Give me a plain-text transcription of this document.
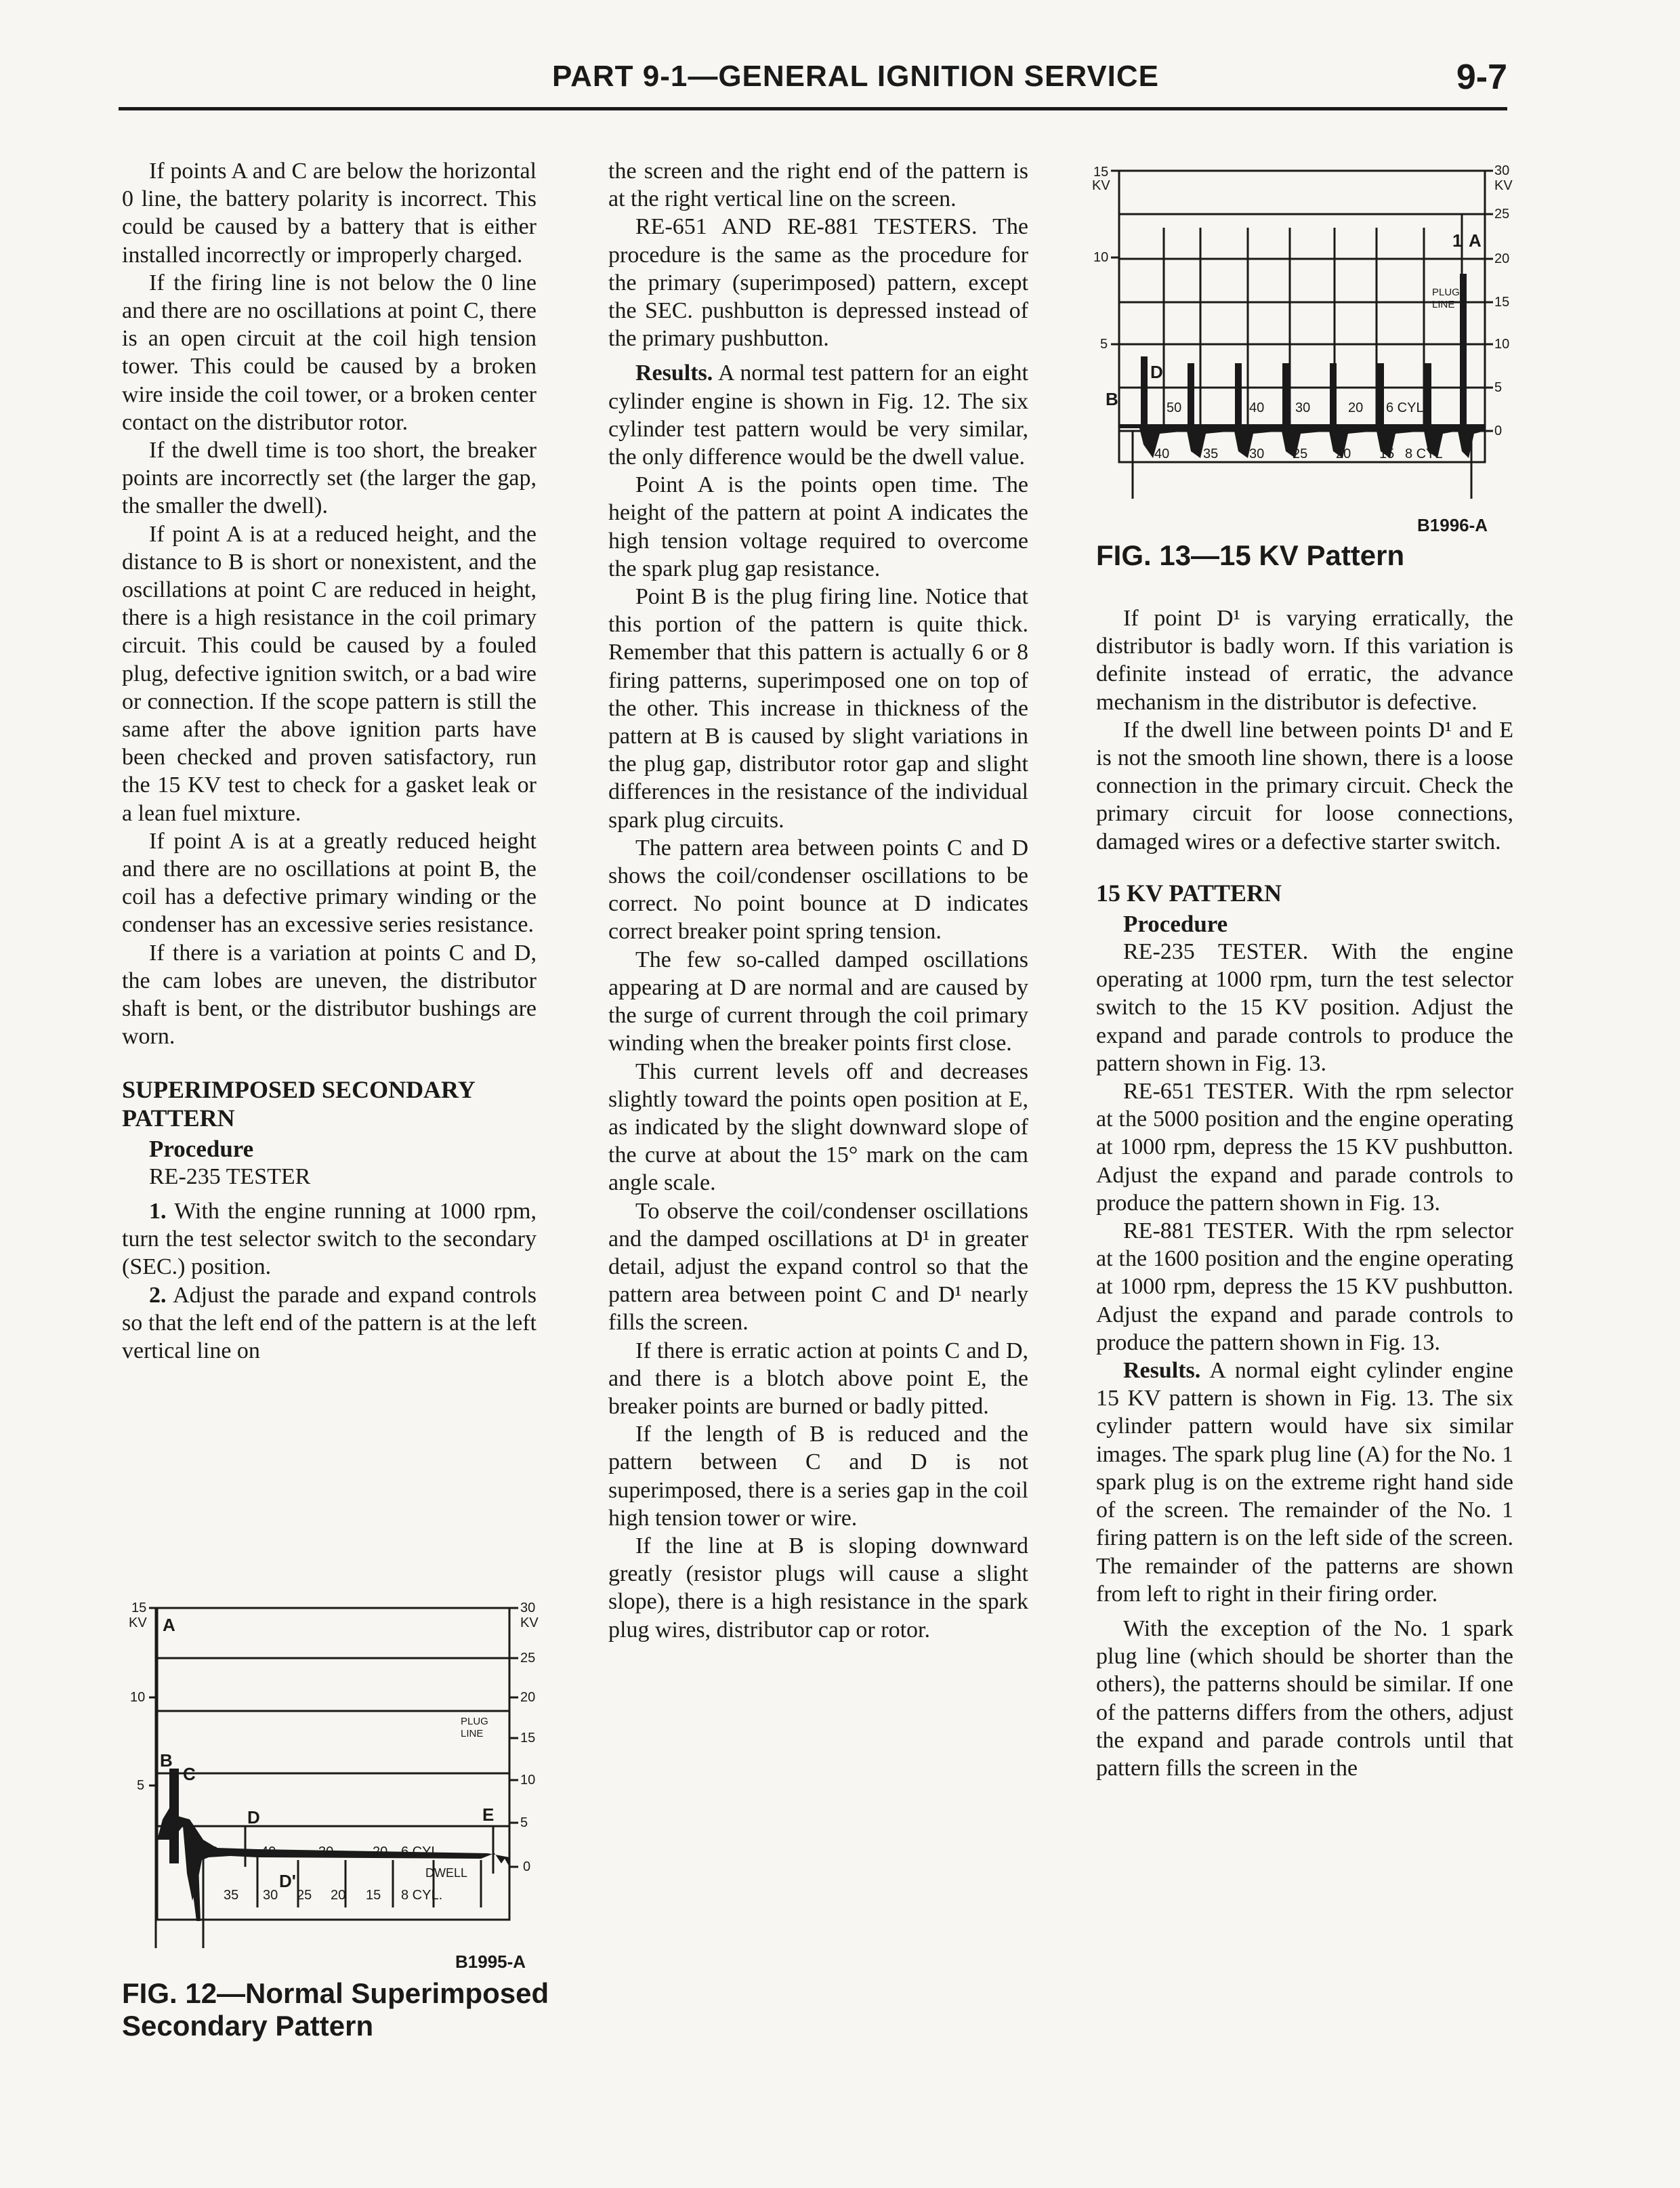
PART 9-1—GENERAL IGNITION SERVICE	9-7

If points A and C are below the horizontal 0 line, the battery polarity is incorrect. This could be caused by a battery that is either installed incorrectly or improperly charged.

If the firing line is not below the 0 line and there are no oscillations at point C, there is an open circuit at the coil high tension tower. This could be caused by a broken wire inside the coil tower, or a broken center contact on the distributor rotor.

If the dwell time is too short, the breaker points are incorrectly set (the larger the gap, the smaller the dwell).

If point A is at a reduced height, and the distance to B is short or nonexistent, and the oscillations at point C are reduced in height, there is a high resistance in the coil primary circuit. This could be caused by a fouled plug, defective ignition switch, or a bad wire or connection. If the scope pattern is still the same after the above ignition parts have been checked and proven satisfactory, run the 15 KV test to check for a gasket leak or a lean fuel mixture.

If point A is at a greatly reduced height and there are no oscillations at point B, the coil has a defective primary winding or the condenser has an excessive series resistance.

If there is a variation at points C and D, the cam lobes are uneven, the distributor shaft is bent, or the distributor bushings are worn.

SUPERIMPOSED SECONDARY PATTERN
Procedure

RE-235 TESTER

1. With the engine running at 1000 rpm, turn the test selector switch to the secondary (SEC.) position.

2. Adjust the parade and expand controls so that the left end of the pattern is at the left vertical line on

15
KV
10
5
30
KV
25
20
15
10
5
0
PLUG
LINE
A
B
C
D	E
D'
50	40	30	20 6 CYL.
35 30 25 20 15 8 CYL.
DWELL
B1995-A
FIG. 12—Normal Superimposed
Secondary Pattern

the screen and the right end of the pattern is at the right vertical line on the screen.

RE-651 AND RE-881 TESTERS. The procedure is the same as the procedure for the primary (superimposed) pattern, except the SEC. pushbutton is depressed instead of the primary pushbutton.

Results. A normal test pattern for an eight cylinder engine is shown in Fig. 12. The six cylinder test pattern would be very similar, the only difference would be the dwell value.

Point A is the points open time. The height of the pattern at point A indicates the high tension voltage required to overcome the spark plug gap resistance.

Point B is the plug firing line. Notice that this portion of the pattern is quite thick. Remember that this pattern is actually 6 or 8 firing patterns, superimposed one on top of the other. This increase in thickness of the pattern at B is caused by slight variations in the plug gap, distributor rotor gap and slight differences in the resistance of the individual spark plug circuits.

The pattern area between points C and D shows the coil/condenser oscillations to be correct. No point bounce at D indicates correct breaker point spring tension.

The few so-called damped oscillations appearing at D are normal and are caused by the surge of current through the coil primary winding when the breaker points first close.

This current levels off and decreases slightly toward the points open position at E, as indicated by the slight downward slope of the curve at about the 15° mark on the cam angle scale.

To observe the coil/condenser oscillations and the damped oscillations at D¹ in greater detail, adjust the expand control so that the pattern area between point C and D¹ nearly fills the screen.

If there is erratic action at points C and D, and there is a blotch above point E, the breaker points are burned or badly pitted.

If the length of B is reduced and the pattern between C and D is not superimposed, there is a series gap in the coil high tension tower or wire.

If the line at B is sloping downward greatly (resistor plugs will cause a slight slope), there is a high resistance in the spark plug wires, distributor cap or rotor.

15
KV
10
5
30
KV
25
20
15
10
5
0
PLUG
LINE
A
1
B
D
50	40 30	20 6 CYL
40 35 30 25 20 15 8 CYL
B1996-A
FIG. 13—15 KV Pattern

If point D¹ is varying erratically, the distributor is badly worn. If this variation is definite instead of erratic, the advance mechanism in the distributor is defective.

If the dwell line between points D¹ and E is not the smooth line shown, there is a loose connection in the primary circuit. Check the primary circuit for loose connections, damaged wires or a defective starter switch.

15 KV PATTERN
Procedure

RE-235 TESTER. With the engine operating at 1000 rpm, turn the test selector switch to the 15 KV position. Adjust the expand and parade controls to produce the pattern shown in Fig. 13.

RE-651 TESTER. With the rpm selector at the 5000 position and the engine operating at 1000 rpm, depress the 15 KV pushbutton. Adjust the expand and parade controls to produce the pattern shown in Fig. 13.

RE-881 TESTER. With the rpm selector at the 1600 position and the engine operating at 1000 rpm, depress the 15 KV pushbutton. Adjust the expand and parade controls to produce the pattern shown in Fig. 13.

Results. A normal eight cylinder engine 15 KV pattern is shown in Fig. 13. The six cylinder pattern would have six similar images. The spark plug line (A) for the No. 1 spark plug is on the extreme right hand side of the screen. The remainder of the No. 1 firing pattern is on the left side of the screen. The remainder of the patterns are shown from left to right in their firing order.

With the exception of the No. 1 spark plug line (which should be shorter than the others), the patterns should be similar. If one of the patterns differs from the others, adjust the expand and parade controls until that pattern fills the screen in the
